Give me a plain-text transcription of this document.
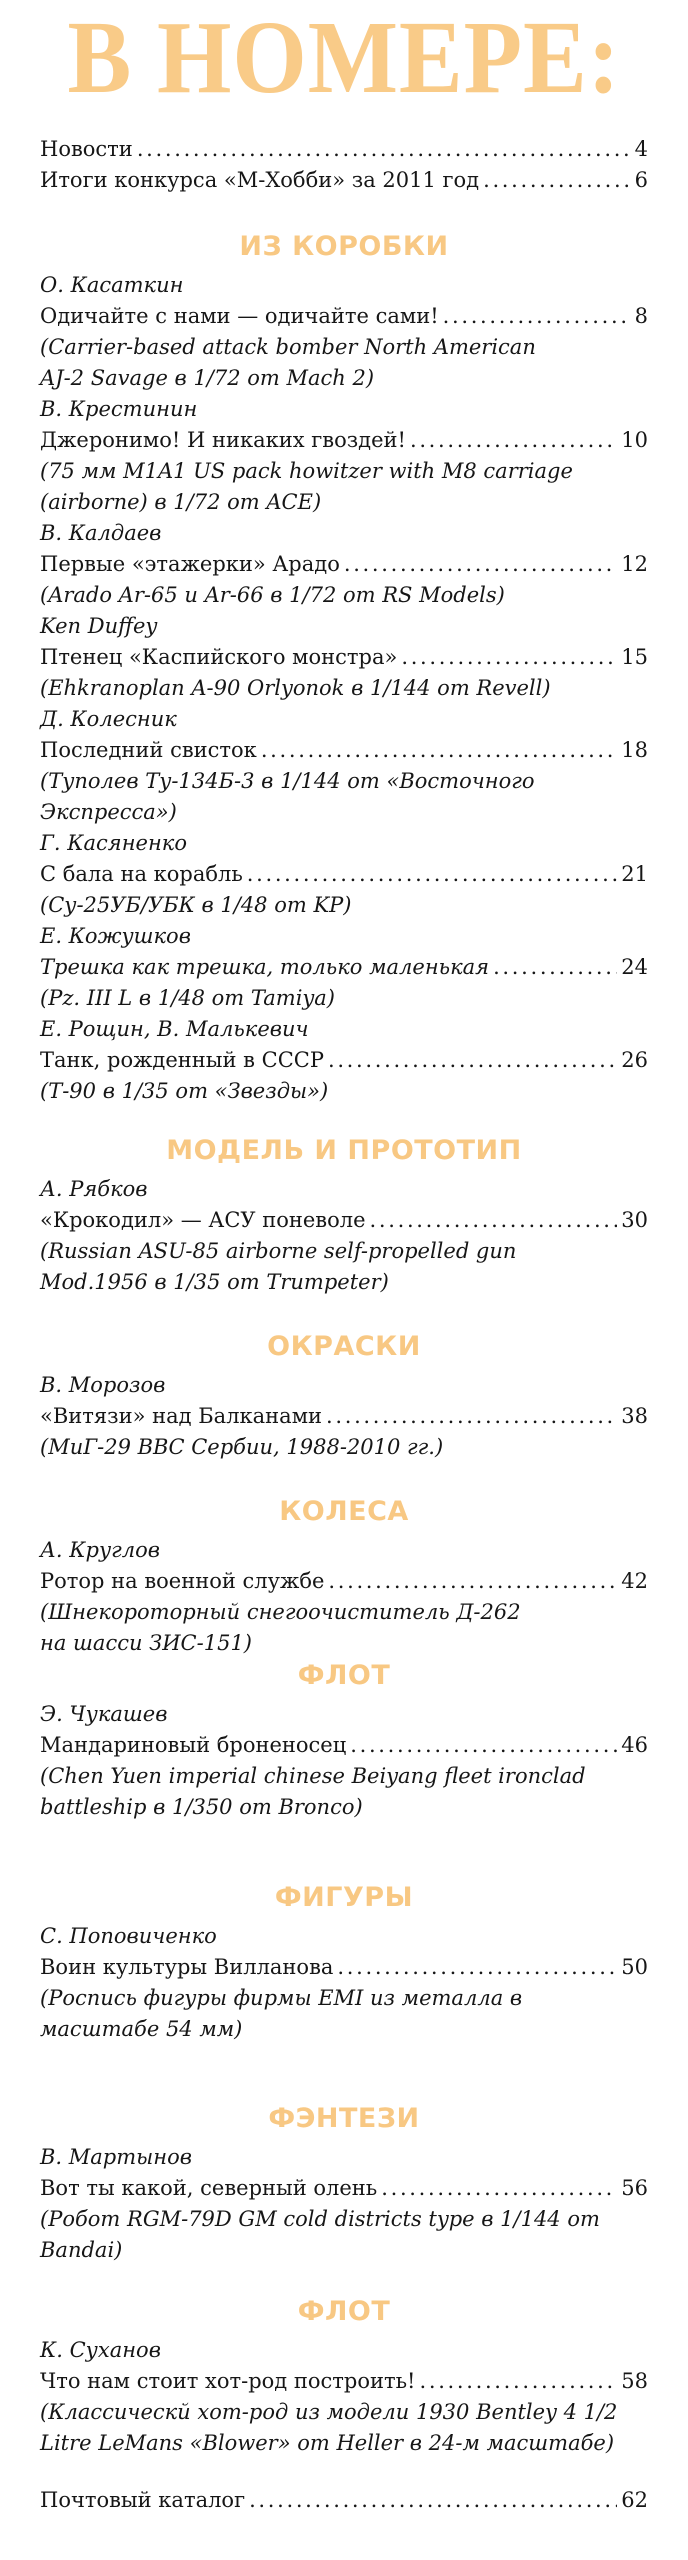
В НОМЕРЕ:
Новости . . .	4
Итоги конкурса «М-Хобби» за 2011 год . . .	6
ИЗ КОРОБКИ
О. Касаткин
Одичайте с нами — одичайте сами! . . .	8
(Carrier-based attack bomber North American
AJ-2 Savage в 1/72 от Mach 2)
В. Крестинин
Джеронимо! И никаких гвоздей! . . .	10
(75 мм M1A1 US pack howitzer with M8 carriage
(airborne) в 1/72 от ACE)
В. Калдаев
Первые «этажерки» Арадо . . .	12
(Arado Ar-65 и Ar-66 в 1/72 от RS Models)
Ken Duffey
Птенец «Каспийского монстра» . . .	15
(Ehkranoplan A-90 Orlyonok в 1/144 от Revell)
Д. Колесник
Последний свисток . . .	18
(Туполев Ту-134Б-3 в 1/144 от «Восточного
Экспресса»)
Г. Касяненко
С бала на корабль . . .	21
(Су-25УБ/УБК в 1/48 от KP)
Е. Кожушков
Трешка как трешка, только маленькая . . .	24
(Pz. III L в 1/48 от Tamiya)
Е. Рощин, В. Малькевич
Танк, рожденный в СССР . . .	26
(Т-90 в 1/35 от «Звезды»)
МОДЕЛЬ И ПРОТОТИП
А. Рябков
«Крокодил» — АСУ поневоле . . .	30
(Russian ASU-85 airborne self-propelled gun
Mod.1956 в 1/35 от Trumpeter)
ОКРАСКИ
В. Морозов
«Витязи» над Балканами . . .	38
(МиГ-29 ВВС Сербии, 1988-2010 гг.)
КОЛЕСА
А. Круглов
Ротор на военной службе . . .	42
(Шнекороторный снегоочиститель Д-262
на шасси ЗИС-151)
ФЛОТ
Э. Чукашев
Мандариновый броненосец . . .	46
(Chen Yuen imperial chinese Beiyang fleet ironclad
battleship в 1/350 от Bronco)
ФИГУРЫ
С. Поповиченко
Воин культуры Вилланова . . .	50
(Роспись фигуры фирмы EMI из металла в
масштабе 54 мм)
ФЭНТЕЗИ
В. Мартынов
Вот ты какой, северный олень . . .	56
(Робот RGM-79D GM cold districts type в 1/144 от
Bandai)
ФЛОТ
К. Суханов
Что нам стоит хот-род построить! . . .	58
(Классическй хот-род из модели 1930 Bentley 4 1/2
Litre LeMans «Blower» от Heller в 24-м масштабе)
Почтовый каталог . . .	62
